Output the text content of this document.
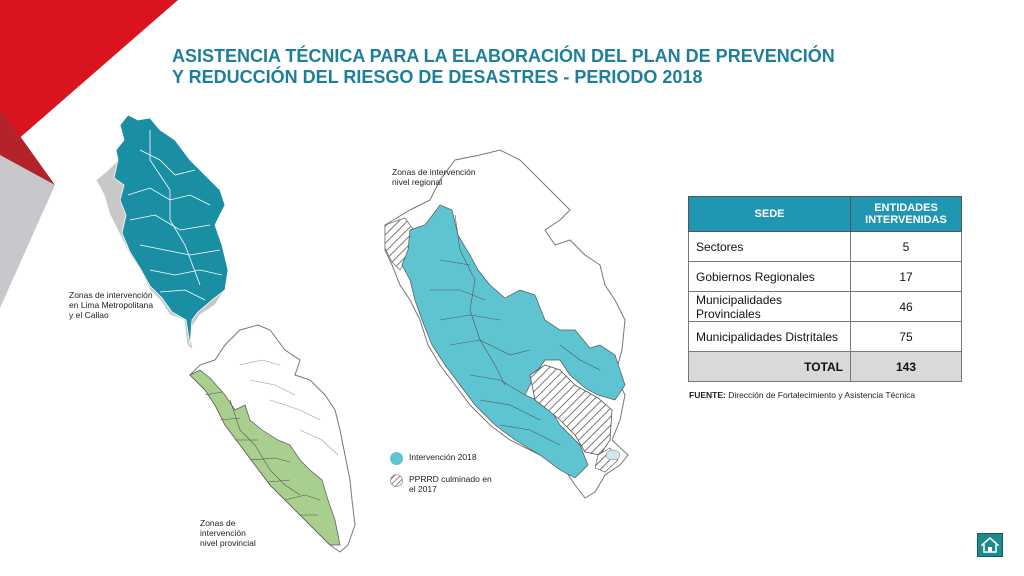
ASISTENCIA TÉCNICA PARA LA ELABORACIÓN DEL PLAN DE PREVENCIÓN
Y REDUCCIÓN DEL RIESGO DE DESASTRES - PERIODO 2018
Zonas de intervención
en Lima Metropolitana
y el Callao
Zonas de intervención
nivel regional
Zonas de
intervención
nivel provincial
Intervención 2018
PPRRD culminado en
el 2017
SEDE	ENTIDADES INTERVENIDAS
Sectores	5
Gobiernos Regionales	17
Municipalidades Provinciales	46
Municipalidades Distritales	75
TOTAL	143
FUENTE: Dirección de Fortalecimiento y Asistencia Técnica
